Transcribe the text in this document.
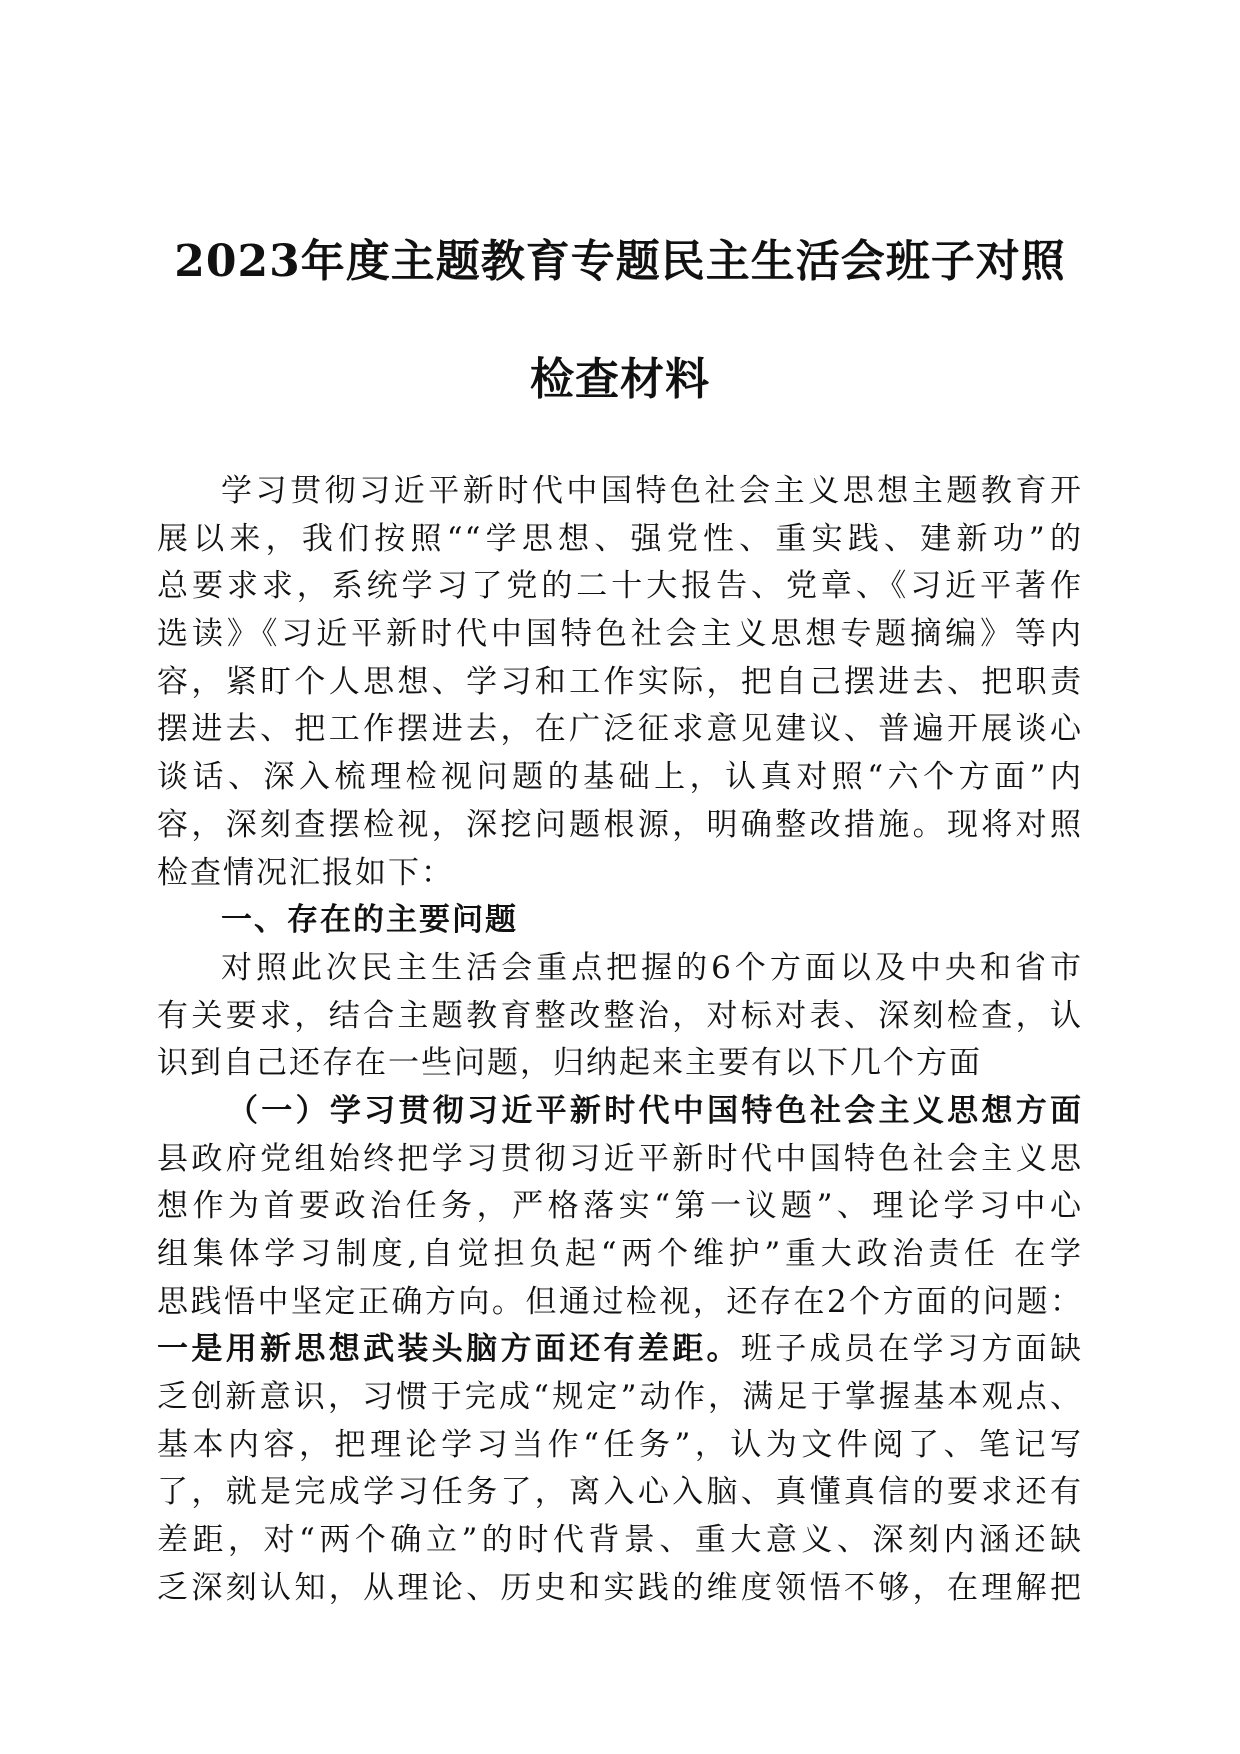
2023年度主题教育专题民主生活会班子对照
检查材料
学习贯彻习近平新时代中国特色社会主义思想主题教育开
展以来，我们按照““学思想、强党性、重实践、建新功”的
总要求求，系统学习了党的二十大报告、党章、《习近平著作
选读》《习近平新时代中国特色社会主义思想专题摘编》等内
容，紧盯个人思想、学习和工作实际，把自己摆进去、把职责
摆进去、把工作摆进去，在广泛征求意见建议、普遍开展谈心
谈话、深入梳理检视问题的基础上，认真对照“六个方面”内
容，深刻查摆检视，深挖问题根源，明确整改措施。现将对照
检查情况汇报如下：
一、存在的主要问题
对照此次民主生活会重点把握的6个方面以及中央和省市
有关要求，结合主题教育整改整治，对标对表、深刻检查，认
识到自己还存在一些问题，归纳起来主要有以下几个方面
（一）学习贯彻习近平新时代中国特色社会主义思想方面
县政府党组始终把学习贯彻习近平新时代中国特色社会主义思
想作为首要政治任务，严格落实“第一议题”、理论学习中心
组集体学习制度,自觉担负起“两个维护”重大政治责任 在学
思践悟中坚定正确方向。但通过检视，还存在2个方面的问题：
一是用新思想武装头脑方面还有差距。班子成员在学习方面缺
乏创新意识，习惯于完成“规定”动作，满足于掌握基本观点、
基本内容，把理论学习当作“任务”，认为文件阅了、笔记写
了，就是完成学习任务了，离入心入脑、真懂真信的要求还有
差距，对“两个确立”的时代背景、重大意义、深刻内涵还缺
乏深刻认知，从理论、历史和实践的维度领悟不够，在理解把
